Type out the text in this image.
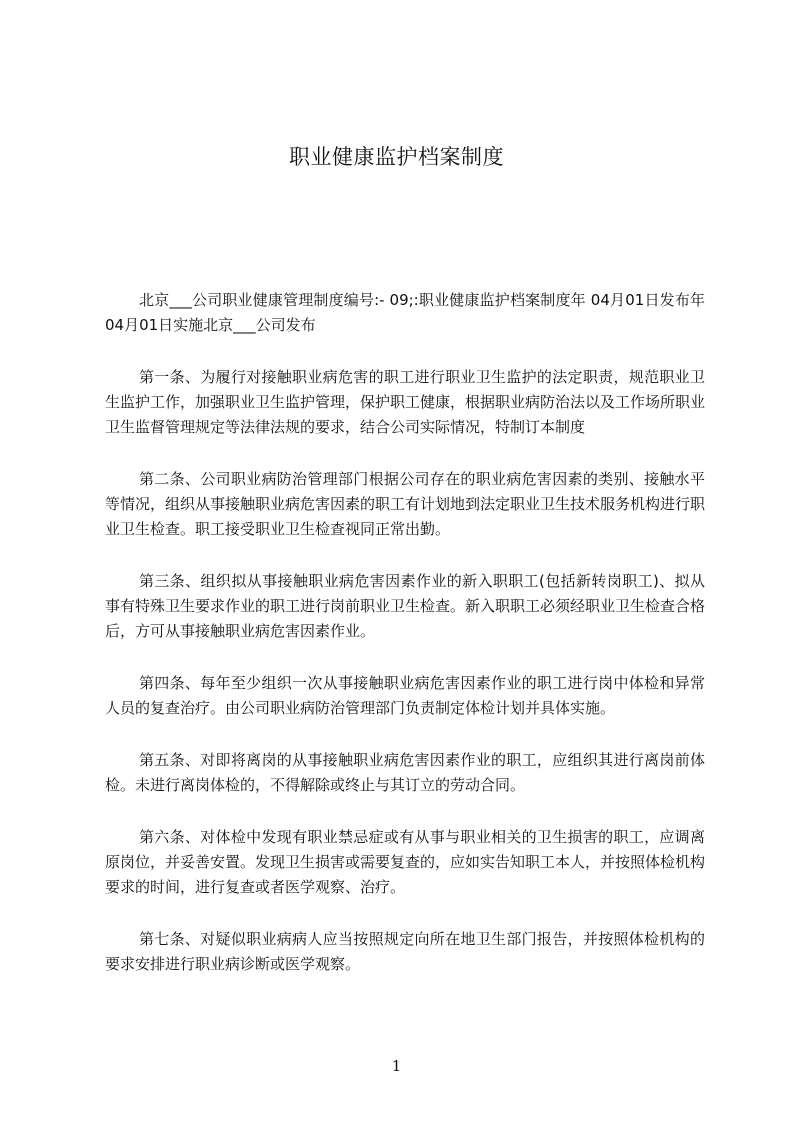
职业健康监护档案制度

北京___公司职业健康管理制度编号:- 09;:职业健康监护档案制度年 04月01日发布年04月01日实施北京___公司发布

第一条、为履行对接触职业病危害的职工进行职业卫生监护的法定职责，规范职业卫生监护工作，加强职业卫生监护管理，保护职工健康，根据职业病防治法以及工作场所职业卫生监督管理规定等法律法规的要求，结合公司实际情况，特制订本制度

第二条、公司职业病防治管理部门根据公司存在的职业病危害因素的类别、接触水平等情况，组织从事接触职业病危害因素的职工有计划地到法定职业卫生技术服务机构进行职业卫生检查。职工接受职业卫生检查视同正常出勤。

第三条、组织拟从事接触职业病危害因素作业的新入职职工(包括新转岗职工)、拟从事有特殊卫生要求作业的职工进行岗前职业卫生检查。新入职职工必须经职业卫生检查合格后，方可从事接触职业病危害因素作业。

第四条、每年至少组织一次从事接触职业病危害因素作业的职工进行岗中体检和异常人员的复查治疗。由公司职业病防治管理部门负责制定体检计划并具体实施。

第五条、对即将离岗的从事接触职业病危害因素作业的职工，应组织其进行离岗前体检。未进行离岗体检的，不得解除或终止与其订立的劳动合同。

第六条、对体检中发现有职业禁忌症或有从事与职业相关的卫生损害的职工，应调离原岗位，并妥善安置。发现卫生损害或需要复查的，应如实告知职工本人，并按照体检机构要求的时间，进行复查或者医学观察、治疗。

第七条、对疑似职业病病人应当按照规定向所在地卫生部门报告，并按照体检机构的要求安排进行职业病诊断或医学观察。

1
